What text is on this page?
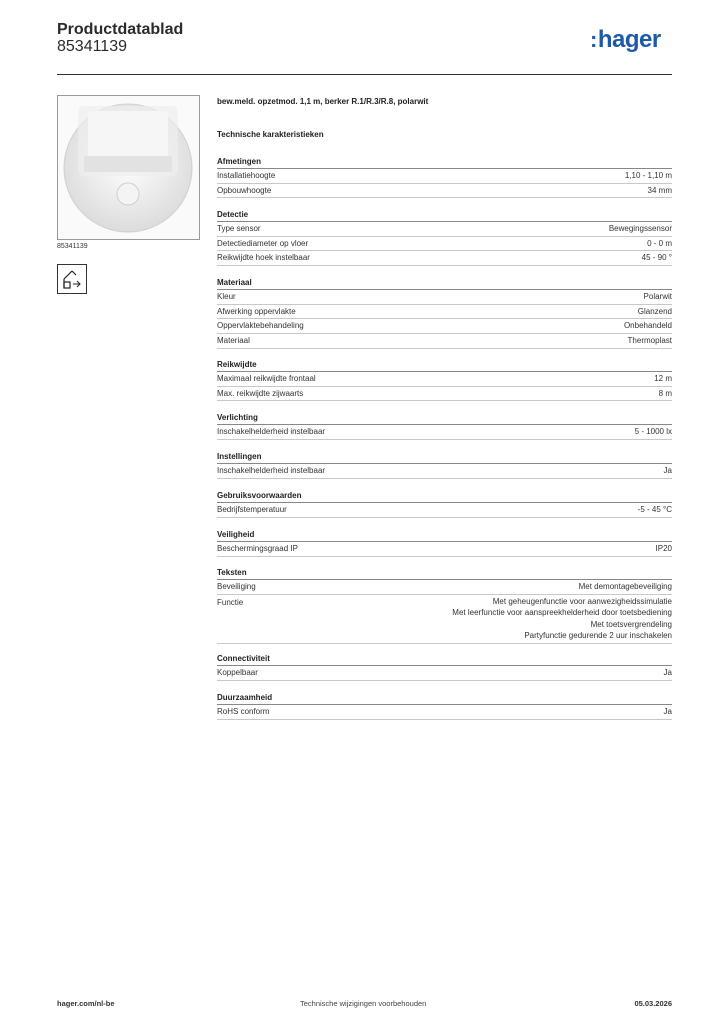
Productdatablad
85341139	:hager
85341139
bew.meld. opzetmod. 1,1 m, berker R.1/R.3/R.8, polarwit
Technische karakteristieken
Afmetingen
Installatiehoogte	1,10 - 1,10 m
Opbouwhoogte	34 mm
Detectie
Type sensor	Bewegingssensor
Detectiediameter op vloer	0 - 0 m
Reikwijdte hoek instelbaar	45 - 90 °
Materiaal
Kleur	Polarwit
Afwerking oppervlakte	Glanzend
Oppervlaktebehandeling	Onbehandeld
Materiaal	Thermoplast
Reikwijdte
Maximaal reikwijdte frontaal	12 m
Max. reikwijdte zijwaarts	8 m
Verlichting
Inschakelhelderheid instelbaar	5 - 1000 lx
Instellingen
Inschakelhelderheid instelbaar	Ja
Gebruiksvoorwaarden
Bedrijfstemperatuur	-5 - 45 °C
Veiligheid
Beschermingsgraad IP	IP20
Teksten
Beveiliging	Met demontagebeveiliging
Functie	Met geheugenfunctie voor aanwezigheidssimulatie
Met leerfunctie voor aanspreekhelderheid door toetsbediening
Met toetsvergrendeling
Partyfunctie gedurende 2 uur inschakelen
Connectiviteit
Koppelbaar	Ja
Duurzaamheid
RoHS conform	Ja
hager.com/nl-be	Technische wijzigingen voorbehouden	05.03.2026
